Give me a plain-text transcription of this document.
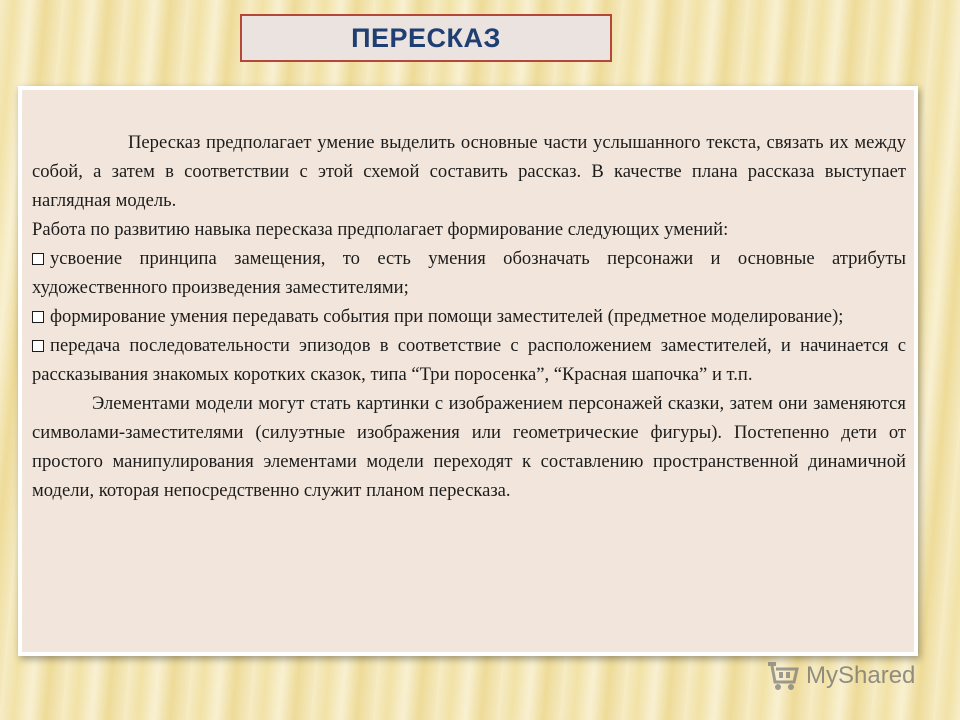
ПЕРЕСКАЗ

Пересказ предполагает умение выделить основные части услышанного текста, связать их между собой, а затем в соответствии с этой схемой составить рассказ. В качестве плана рассказа выступает наглядная модель.

Работа по развитию навыка пересказа предполагает формирование следующих умений:

усвоение принципа замещения, то есть умения обозначать персонажи и основные атрибуты художественного произведения заместителями;

формирование умения передавать события при помощи заместителей (предметное моделирование);

передача последовательности эпизодов в соответствие с расположением заместителей, и начинается с рассказывания знакомых коротких сказок, типа “Три поросенка”, “Красная шапочка” и т.п.

Элементами модели могут стать картинки с изображением персонажей сказки, затем они заменяются символами-заместителями (силуэтные изображения или геометрические фигуры). Постепенно дети от простого манипулирования элементами модели переходят к составлению пространственной динамичной модели, которая непосредственно служит планом пересказа.

MyShared
